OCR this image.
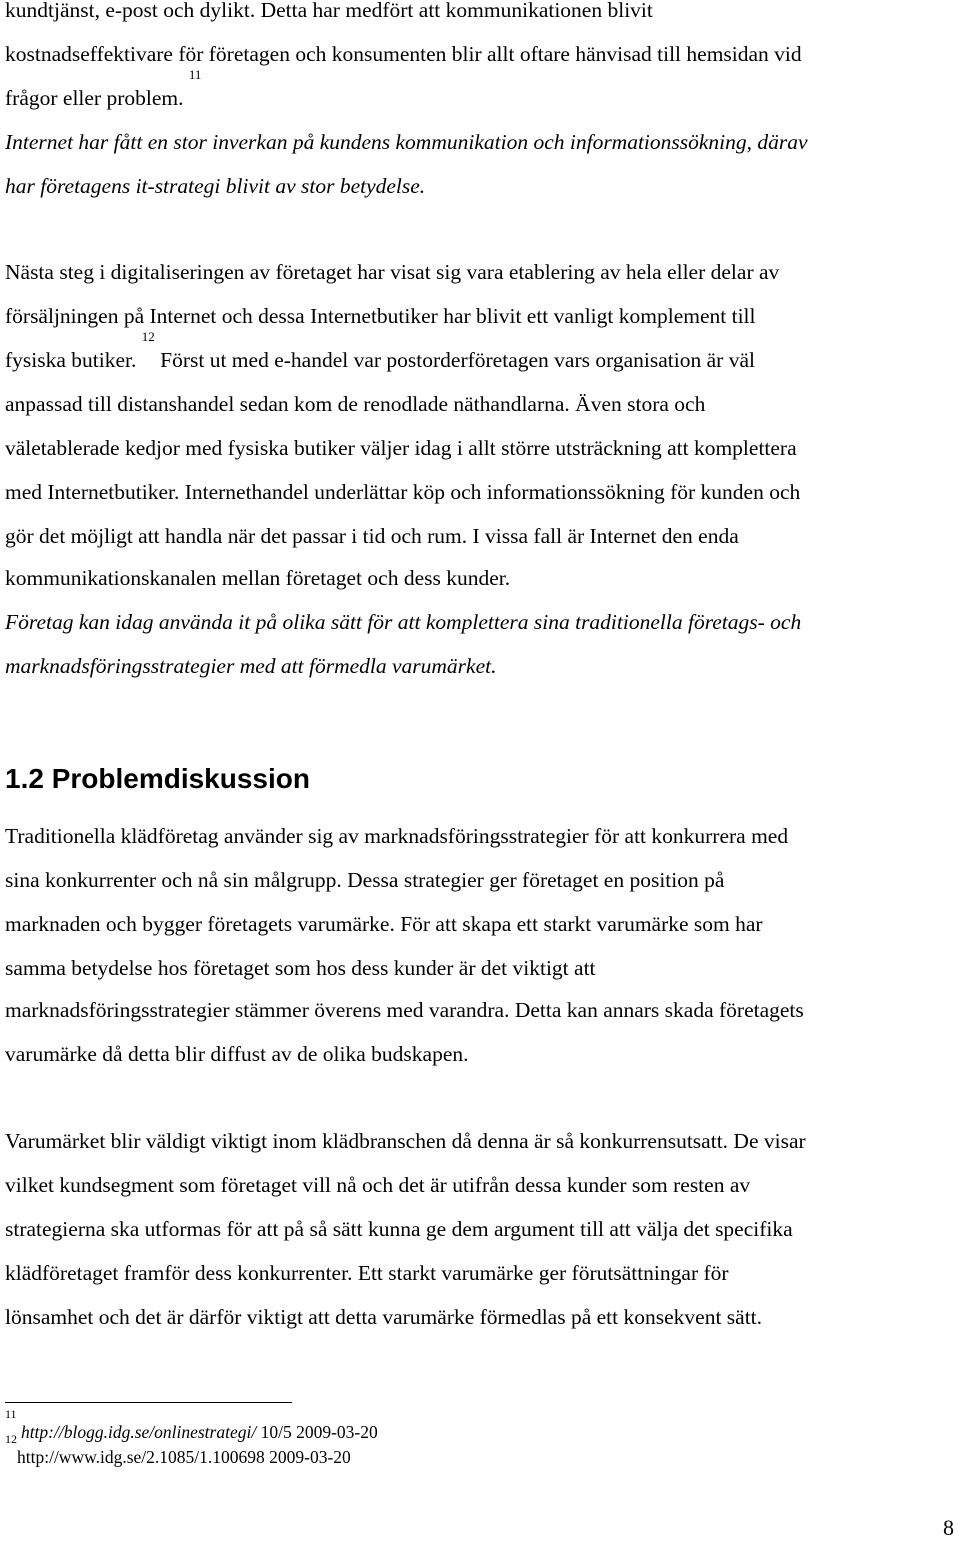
kundtjänst, e-post och dylikt. Detta har medfört att kommunikationen blivit
kostnadseffektivare för företagen och konsumenten blir allt oftare hänvisad till hemsidan vid
frågor eller problem. $^{11}$
Internet har fått en stor inverkan på kundens kommunikation och informationssökning, därav
har företagens it-strategi blivit av stor betydelse.
Nästa steg i digitaliseringen av företaget har visat sig vara etablering av hela eller delar av
försäljningen på Internet och dessa Internetbutiker har blivit ett vanligt komplement till
fysiska butiker. $^{12}$ Först ut med e-handel var postorderföretagen vars organisation är väl
anpassad till distanshandel sedan kom de renodlade näthandlarna. Även stora och
väletablerade kedjor med fysiska butiker väljer idag i allt större utsträckning att komplettera
med Internetbutiker. Internethandel underlättar köp och informationssökning för kunden och
gör det möjligt att handla när det passar i tid och rum. I vissa fall är Internet den enda
kommunikationskanalen mellan företaget och dess kunder.
Företag kan idag använda it på olika sätt för att komplettera sina traditionella företags- och
marknadsföringsstrategier med att förmedla varumärket.
1.2 Problemdiskussion
Traditionella klädföretag använder sig av marknadsföringsstrategier för att konkurrera med
sina konkurrenter och nå sin målgrupp. Dessa strategier ger företaget en position på
marknaden och bygger företagets varumärke. För att skapa ett starkt varumärke som har
samma betydelse hos företaget som hos dess kunder är det viktigt att
marknadsföringsstrategier stämmer överens med varandra. Detta kan annars skada företagets
varumärke då detta blir diffust av de olika budskapen.
Varumärket blir väldigt viktigt inom klädbranschen då denna är så konkurrensutsatt. De visar
vilket kundsegment som företaget vill nå och det är utifrån dessa kunder som resten av
strategierna ska utformas för att på så sätt kunna ge dem argument till att välja det specifika
klädföretaget framför dess konkurrenter. Ett starkt varumärke ger förutsättningar för
lönsamhet och det är därför viktigt att detta varumärke förmedlas på ett konsekvent sätt.
$^{11}$ http://blogg.idg.se/onlinestrategi/ 10/5 2009-03-20
$^{12}$http://www.idg.se/2.1085/1.100698 2009-03-20
8
